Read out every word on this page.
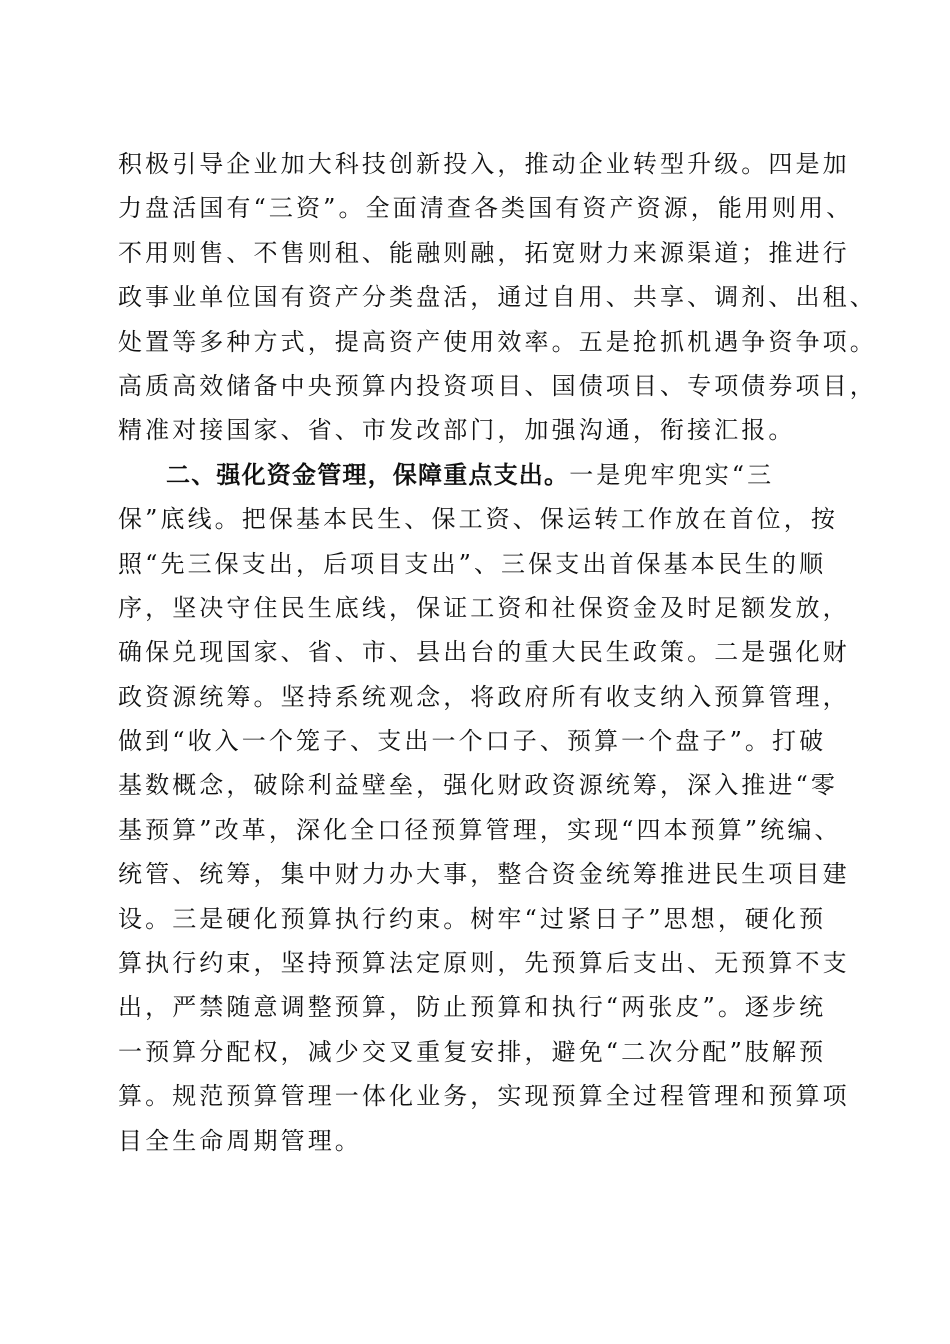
积极引导企业加大科技创新投入，推动企业转型升级。四是加
力盘活国有“三资”。全面清查各类国有资产资源，能用则用、
不用则售、不售则租、能融则融，拓宽财力来源渠道；推进行
政事业单位国有资产分类盘活，通过自用、共享、调剂、出租、
处置等多种方式，提高资产使用效率。五是抢抓机遇争资争项。
高质高效储备中央预算内投资项目、国债项目、专项债券项目，
精准对接国家、省、市发改部门，加强沟通，衔接汇报。
二、强化资金管理，保障重点支出。一是兜牢兜实“三
保”底线。把保基本民生、保工资、保运转工作放在首位，按
照“先三保支出，后项目支出”、三保支出首保基本民生的顺
序，坚决守住民生底线，保证工资和社保资金及时足额发放，
确保兑现国家、省、市、县出台的重大民生政策。二是强化财
政资源统筹。坚持系统观念，将政府所有收支纳入预算管理，
做到“收入一个笼子、支出一个口子、预算一个盘子”。打破
基数概念，破除利益壁垒，强化财政资源统筹，深入推进“零
基预算”改革，深化全口径预算管理，实现“四本预算”统编、
统管、统筹，集中财力办大事，整合资金统筹推进民生项目建
设。三是硬化预算执行约束。树牢“过紧日子”思想，硬化预
算执行约束，坚持预算法定原则，先预算后支出、无预算不支
出，严禁随意调整预算，防止预算和执行“两张皮”。逐步统
一预算分配权，减少交叉重复安排，避免“二次分配”肢解预
算。规范预算管理一体化业务，实现预算全过程管理和预算项
目全生命周期管理。
